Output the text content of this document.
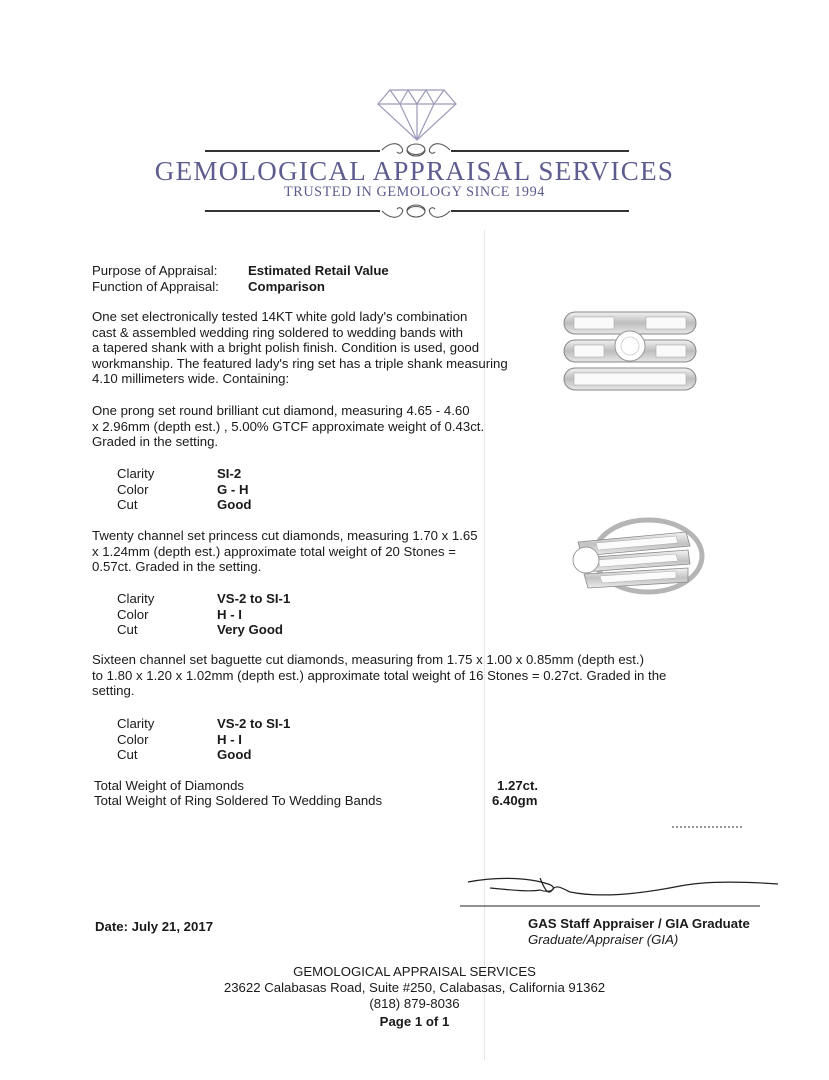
GEMOLOGICAL APPRAISAL SERVICES
TRUSTED IN GEMOLOGY SINCE 1994
Purpose of Appraisal: Estimated Retail Value
Function of Appraisal: Comparison
One set electronically tested 14KT white gold lady's combination
cast & assembled wedding ring soldered to wedding bands with
a tapered shank with a bright polish finish. Condition is used, good
workmanship. The featured lady's ring set has a triple shank measuring
4.10 millimeters wide. Containing:
One prong set round brilliant cut diamond, measuring 4.65 - 4.60
x 2.96mm (depth est.) , 5.00% GTCF approximate weight of 0.43ct.
Graded in the setting.
Clarity	SI-2
Color	G - H
Cut	Good
Twenty channel set princess cut diamonds, measuring 1.70 x 1.65
x 1.24mm (depth est.) approximate total weight of 20 Stones =
0.57ct. Graded in the setting.
Clarity	VS-2 to SI-1
Color	H - I
Cut	Very Good
Sixteen channel set baguette cut diamonds, measuring from 1.75 x 1.00 x 0.85mm (depth est.)
to 1.80 x 1.20 x 1.02mm (depth est.) approximate total weight of 16 Stones = 0.27ct. Graded in the
setting.
Clarity	VS-2 to SI-1
Color	H - I
Cut	Good
Total Weight of Diamonds	1.27ct.
Total Weight of Ring Soldered To Wedding Bands	6.40gm
Date: July 21, 2017	GAS Staff Appraiser / GIA Graduate
Graduate/Appraiser (GIA)
GEMOLOGICAL APPRAISAL SERVICES
23622 Calabasas Road, Suite #250, Calabasas, California 91362
(818) 879-8036
Page 1 of 1
